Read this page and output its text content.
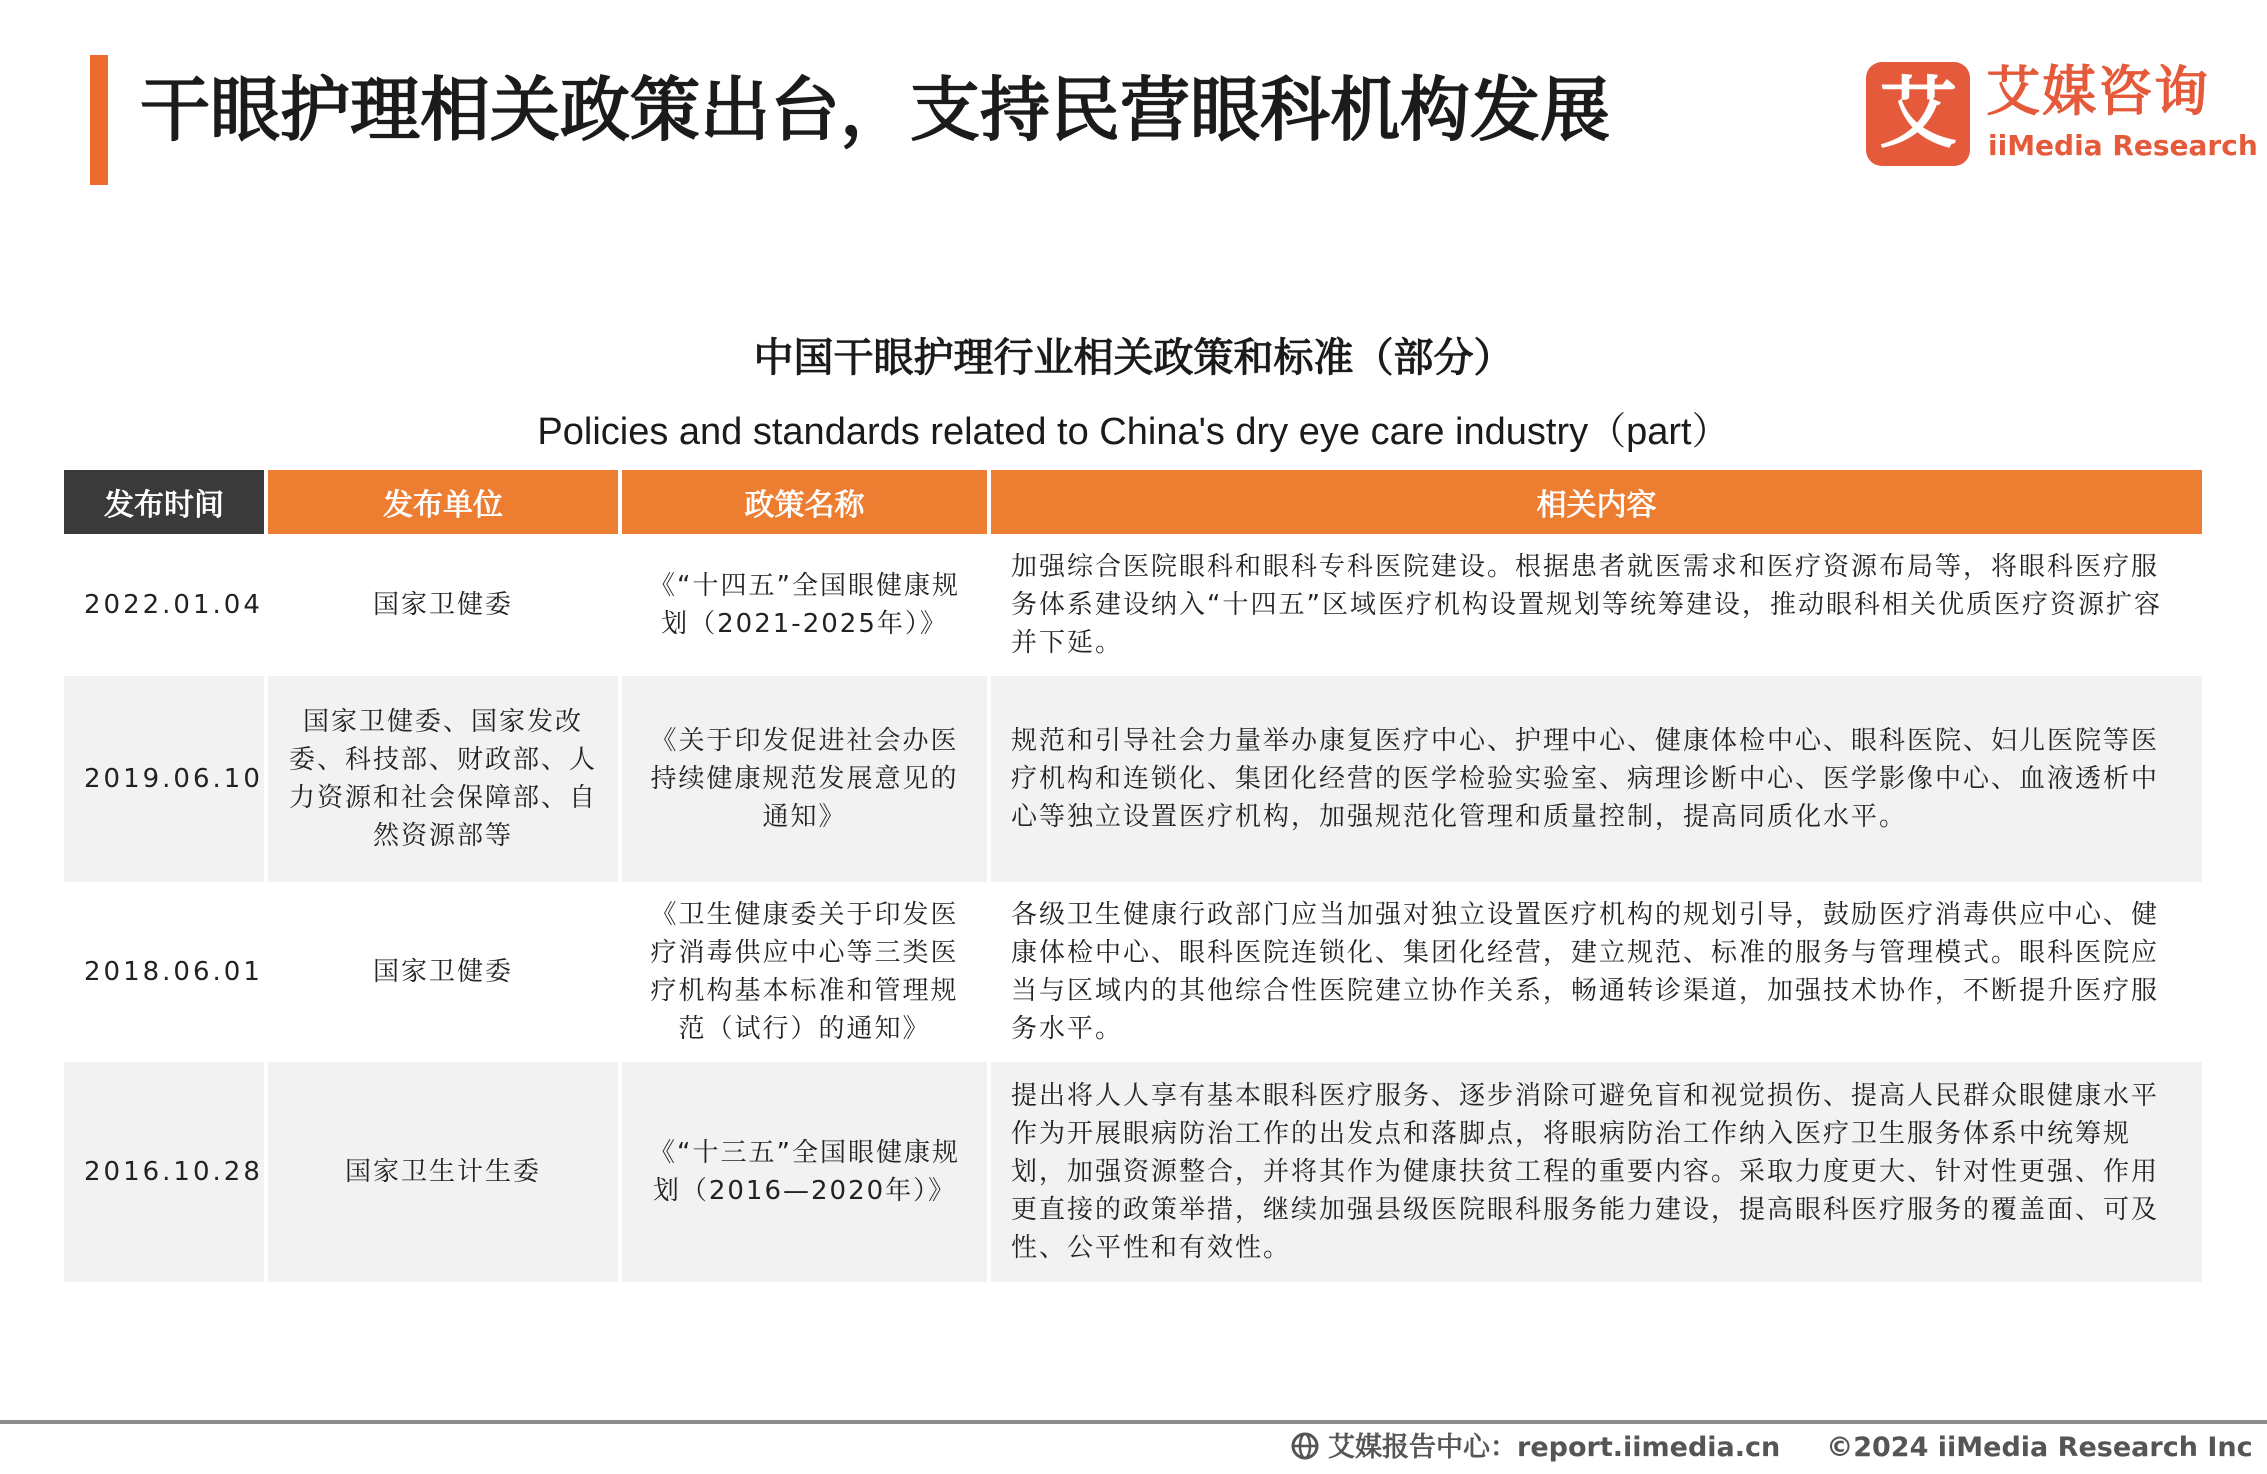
干眼护理相关政策出台，支持民营眼科机构发展	艾 艾媒咨询
iiMedia Research
中国干眼护理行业相关政策和标准（部分）
Policies and standards related to China's dry eye care industry（part）
发布时间	发布单位	政策名称	相关内容
2022.01.04	国家卫健委	《“十四五”全国眼健康规划（2021-2025年）》	加强综合医院眼科和眼科专科医院建设。根据患者就医需求和医疗资源布局等，将眼科医疗服务体系建设纳入“十四五”区域医疗机构设置规划等统筹建设，推动眼科相关优质医疗资源扩容并下延。
2019.06.10	国家卫健委、国家发改委、科技部、财政部、人力资源和社会保障部、自然资源部等	《关于印发促进社会办医持续健康规范发展意见的通知》	规范和引导社会力量举办康复医疗中心、护理中心、健康体检中心、眼科医院、妇儿医院等医疗机构和连锁化、集团化经营的医学检验实验室、病理诊断中心、医学影像中心、血液透析中心等独立设置医疗机构，加强规范化管理和质量控制，提高同质化水平。
2018.06.01	国家卫健委	《卫生健康委关于印发医疗消毒供应中心等三类医疗机构基本标准和管理规范（试行）的通知》	各级卫生健康行政部门应当加强对独立设置医疗机构的规划引导，鼓励医疗消毒供应中心、健康体检中心、眼科医院连锁化、集团化经营，建立规范、标准的服务与管理模式。眼科医院应当与区域内的其他综合性医院建立协作关系，畅通转诊渠道，加强技术协作，不断提升医疗服务水平。
2016.10.28	国家卫生计生委	《“十三五”全国眼健康规划（2016—2020年）》	提出将人人享有基本眼科医疗服务、逐步消除可避免盲和视觉损伤、提高人民群众眼健康水平作为开展眼病防治工作的出发点和落脚点，将眼病防治工作纳入医疗卫生服务体系中统筹规划，加强资源整合，并将其作为健康扶贫工程的重要内容。采取力度更大、针对性更强、作用更直接的政策举措，继续加强县级医院眼科服务能力建设，提高眼科医疗服务的覆盖面、可及性、公平性和有效性。
艾媒报告中心：report.iimedia.cn ©2024 iiMedia Research Inc
